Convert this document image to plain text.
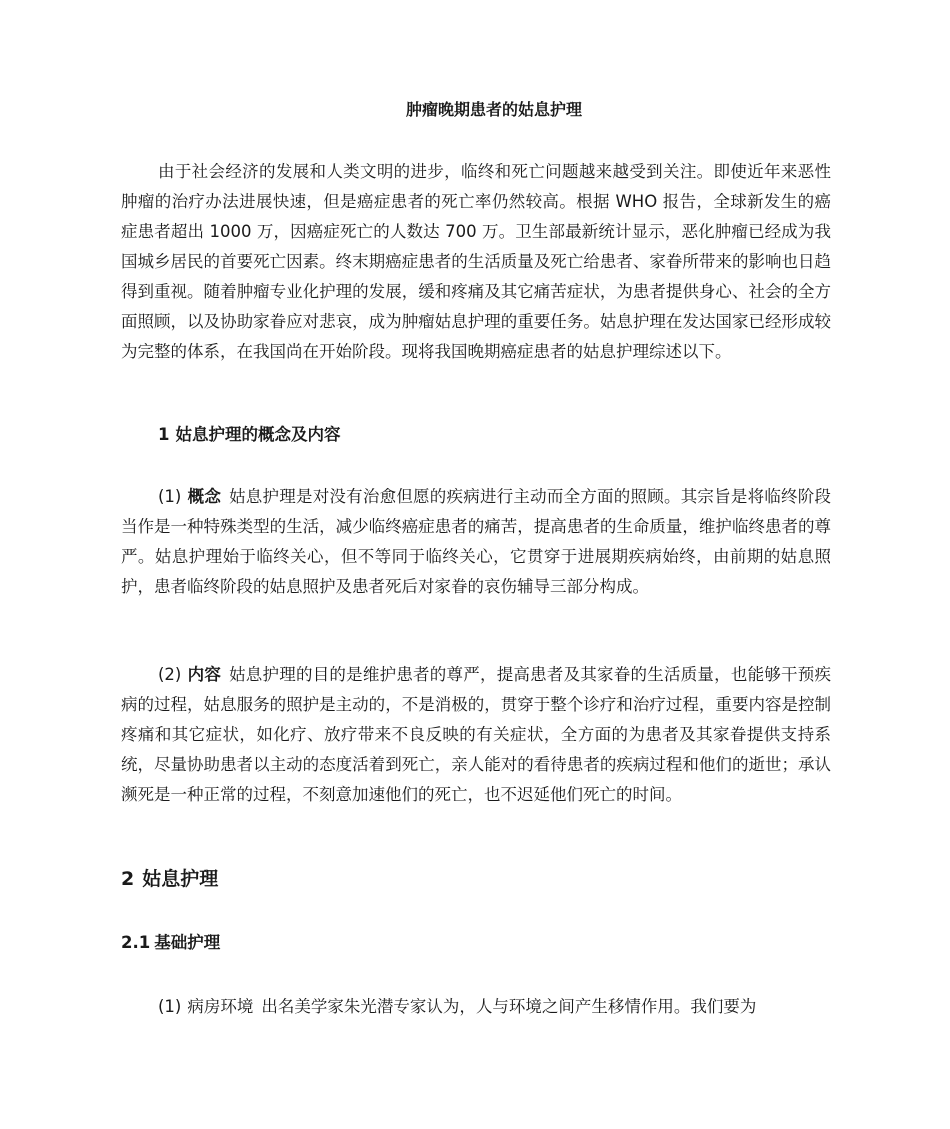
肿瘤晚期患者的姑息护理

由于社会经济的发展和人类文明的进步，临终和死亡问题越来越受到关注。即使近年来恶性肿瘤的治疗办法进展快速，但是癌症患者的死亡率仍然较高。根据 WHO 报告，全球新发生的癌症患者超出 1000 万，因癌症死亡的人数达 700 万。卫生部最新统计显示，恶化肿瘤已经成为我国城乡居民的首要死亡因素。终末期癌症患者的生活质量及死亡给患者、家眷所带来的影响也日趋得到重视。随着肿瘤专业化护理的发展，缓和疼痛及其它痛苦症状，为患者提供身心、社会的全方面照顾，以及协助家眷应对悲哀，成为肿瘤姑息护理的重要任务。姑息护理在发达国家已经形成较为完整的体系，在我国尚在开始阶段。现将我国晚期癌症患者的姑息护理综述以下。

1 姑息护理的概念及内容

(1) 概念 姑息护理是对没有治愈但愿的疾病进行主动而全方面的照顾。其宗旨是将临终阶段当作是一种特殊类型的生活，减少临终癌症患者的痛苦，提高患者的生命质量，维护临终患者的尊严。姑息护理始于临终关心，但不等同于临终关心，它贯穿于进展期疾病始终，由前期的姑息照护，患者临终阶段的姑息照护及患者死后对家眷的哀伤辅导三部分构成。

(2) 内容 姑息护理的目的是维护患者的尊严，提高患者及其家眷的生活质量，也能够干预疾病的过程，姑息服务的照护是主动的，不是消极的，贯穿于整个诊疗和治疗过程，重要内容是控制疼痛和其它症状，如化疗、放疗带来不良反映的有关症状，全方面的为患者及其家眷提供支持系统，尽量协助患者以主动的态度活着到死亡，亲人能对的看待患者的疾病过程和他们的逝世；承认濒死是一种正常的过程，不刻意加速他们的死亡，也不迟延他们死亡的时间。

2 姑息护理
2.1 基础护理

(1) 病房环境 出名美学家朱光潜专家认为，人与环境之间产生移情作用。我们要为
